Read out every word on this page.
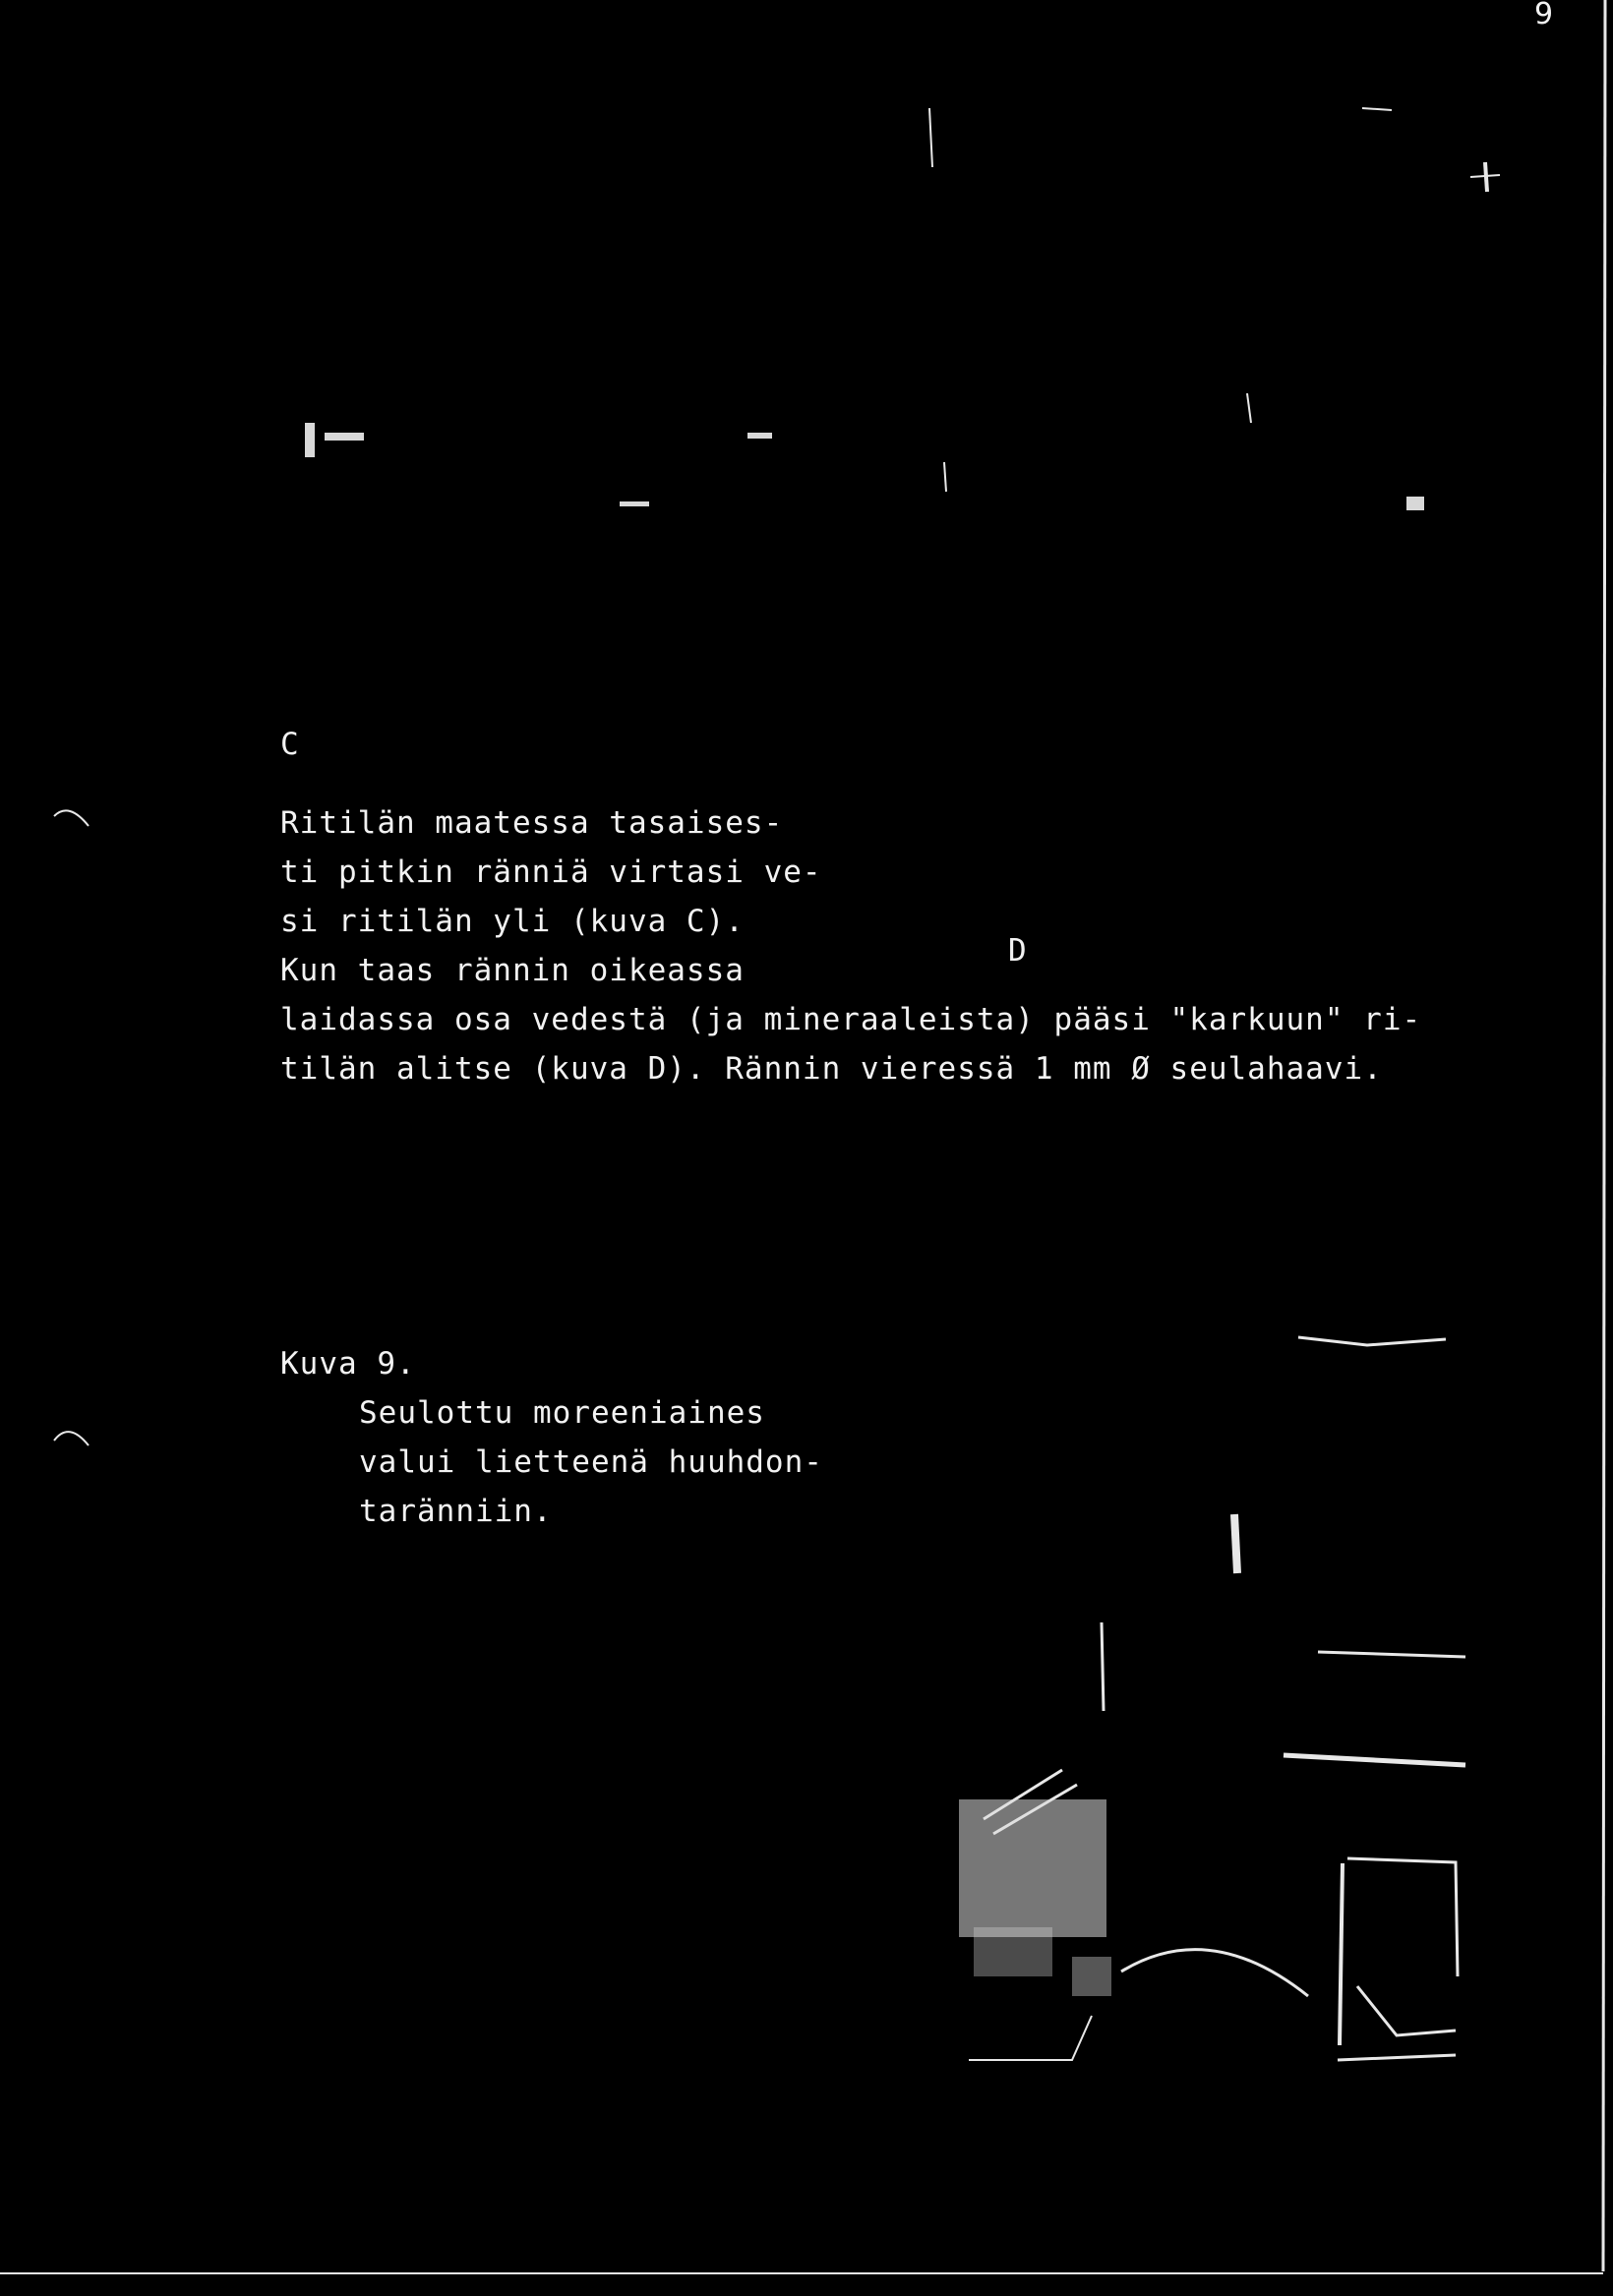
9
C
Ritilän maatessa tasaises-
ti pitkin ränniä virtasi ve-
si ritilän yli (kuva C).
D
Kun taas rännin oikeassa
laidassa osa vedestä (ja mineraaleista) pääsi "karkuun" ri-
tilän alitse (kuva D). Rännin vieressä 1 mm Ø seulahaavi.
Kuva 9.
Seulottu moreeniaines
valui lietteenä huuhdon-
taränniin.
